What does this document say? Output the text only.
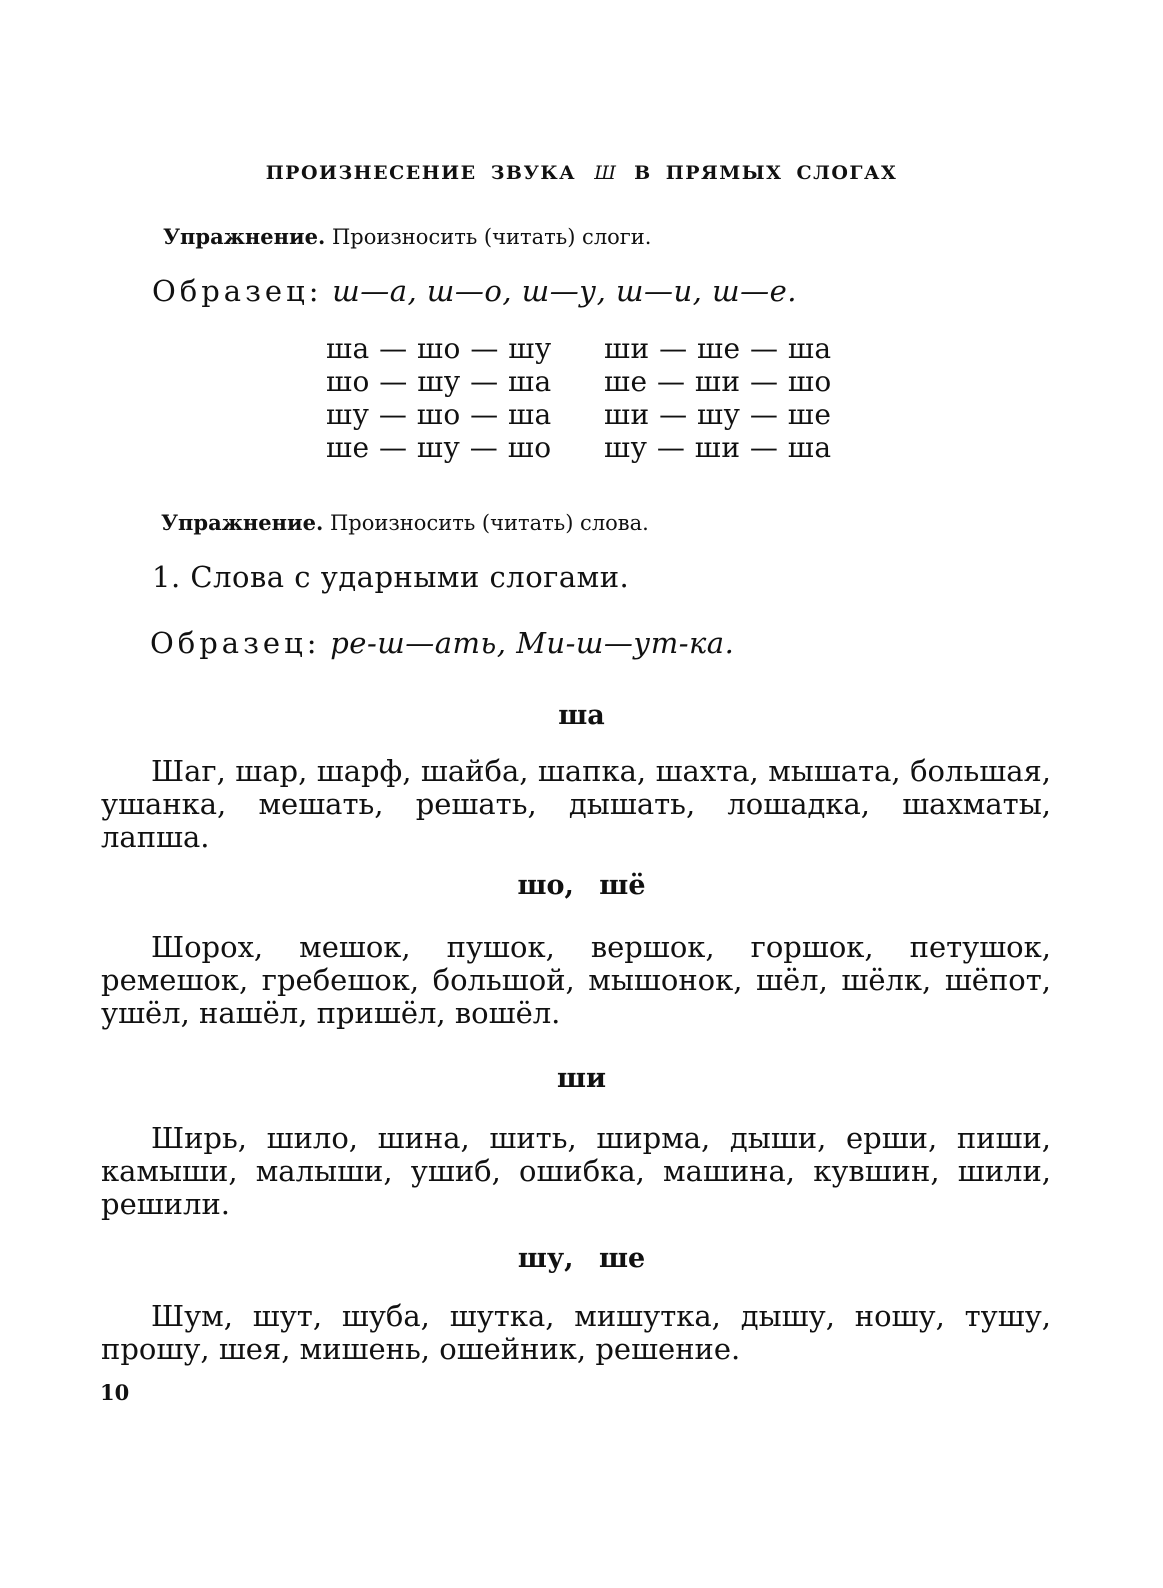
ПРОИЗНЕСЕНИЕ ЗВУКА Ш В ПРЯМЫХ СЛОГАХ
Упражнение. Произносить (читать) слоги.
Образец: ш—а, ш—о, ш—у, ш—и, ш—е.
ша — шо — шу
шо — шу — ша
шу — шо — ша
ше — шу — шо
ши — ше — ша
ше — ши — шо
ши — шу — ше
шу — ши — ша
Упражнение. Произносить (читать) слова.
1. Слова с ударными слогами.
Образец: ре-ш—ать, Ми-ш—ут-ка.
ша
Шаг, шар, шарф, шайба, шапка, шахта, мышата, большая, ушанка, мешать, решать, дышать, лошадка, шахматы, лапша.
шо, шё
Шорох, мешок, пушок, вершок, горшок, петушок, ремешок, гребешок, большой, мышонок, шёл, шёлк, шёпот, ушёл, нашёл, пришёл, вошёл.
ши
Ширь, шило, шина, шить, ширма, дыши, ерши, пиши, камыши, малыши, ушиб, ошибка, машина, кувшин, шили, решили.
шу, ше
Шум, шут, шуба, шутка, мишутка, дышу, ношу, тушу, прошу, шея, мишень, ошейник, решение.
10
